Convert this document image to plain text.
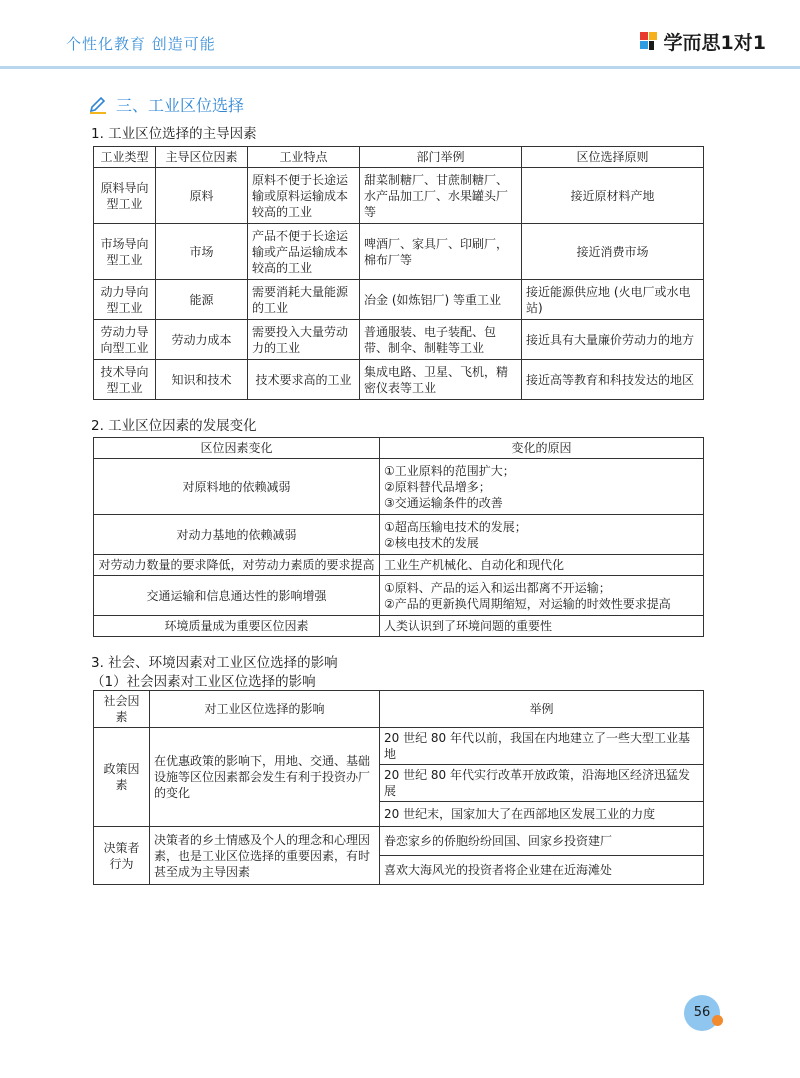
个性化教育 创造可能	学而思1对1
三、工业区位选择
1. 工业区位选择的主导因素
工业类型	主导区位因素	工业特点	部门举例	区位选择原则
原料导向型工业	原料	原料不便于长途运输或原料运输成本较高的工业	甜菜制糖厂、甘蔗制糖厂、水产品加工厂、水果罐头厂等	接近原材料产地
市场导向型工业	市场	产品不便于长途运输或产品运输成本较高的工业	啤酒厂、家具厂、印刷厂，棉布厂等	接近消费市场
动力导向型工业	能源	需要消耗大量能源的工业	冶金 (如炼铝厂) 等重工业	接近能源供应地 (火电厂或水电站)
劳动力导向型工业	劳动力成本	需要投入大量劳动力的工业	普通服装、电子装配、包带、制伞、制鞋等工业	接近具有大量廉价劳动力的地方
技术导向型工业	知识和技术	技术要求高的工业	集成电路、卫星、飞机，精密仪表等工业	接近高等教育和科技发达的地区
2. 工业区位因素的发展变化
区位因素变化	变化的原因
对原料地的依赖减弱	①工业原料的范围扩大；
②原料替代品增多；
③交通运输条件的改善

对动力基地的依赖减弱	①超高压输电技术的发展；
②核电技术的发展

对劳动力数量的要求降低，对劳动力素质的要求提高	工业生产机械化、自动化和现代化
交通运输和信息通达性的影响增强	①原料、产品的运入和运出都离不开运输；
②产品的更新换代周期缩短，对运输的时效性要求提高

环境质量成为重要区位因素	人类认识到了环境问题的重要性
3. 社会、环境因素对工业区位选择的影响
（1）社会因素对工业区位选择的影响
社会因素	对工业区位选择的影响	举例
政策因素	在优惠政策的影响下，用地、交通、基础设施等区位因素都会发生有利于投资办厂的变化	20 世纪 80 年代以前，我国在内地建立了一些大型工业基地
		20 世纪 80 年代实行改革开放政策，沿海地区经济迅猛发展
		20 世纪末，国家加大了在西部地区发展工业的力度
决策者行为	决策者的乡土情感及个人的理念和心理因素，也是工业区位选择的重要因素，有时甚至成为主导因素	眷恋家乡的侨胞纷纷回国、回家乡投资建厂
		喜欢大海风光的投资者将企业建在近海滩处
56
